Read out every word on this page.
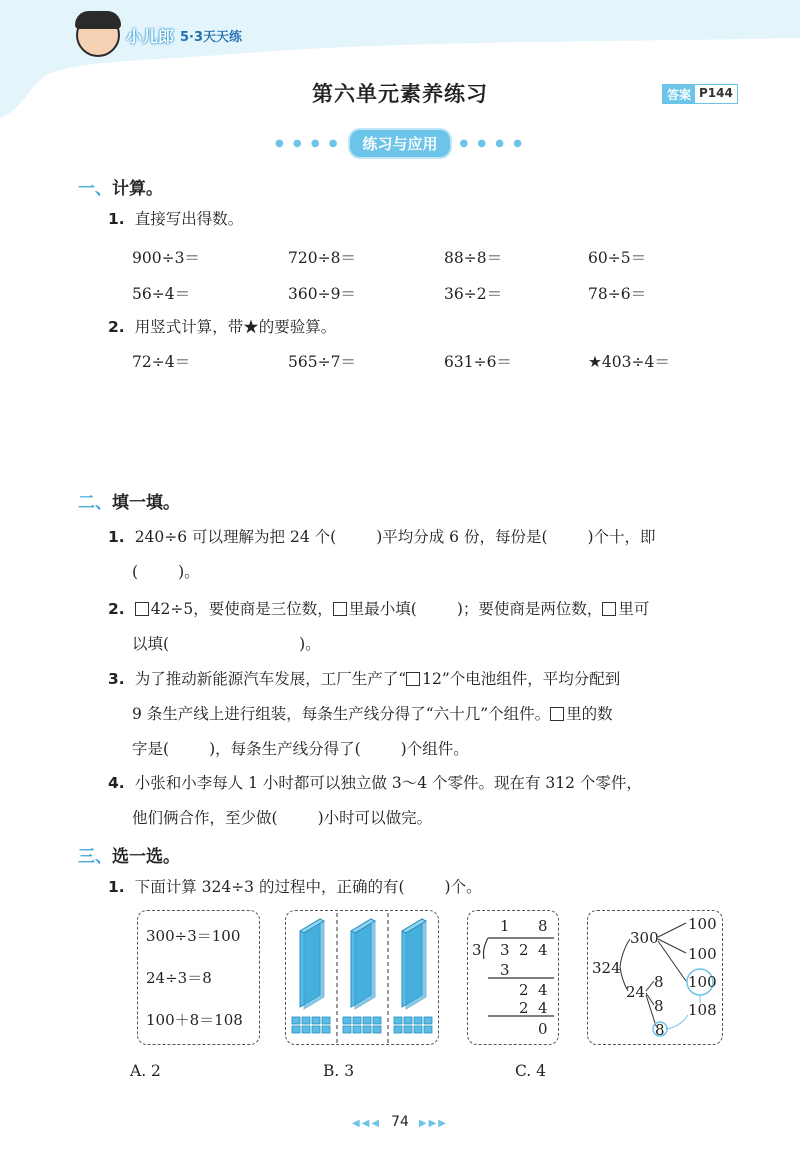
小儿郎 5·3天天练
第六单元素养练习	答案 P144
● ● ● ●	练习与应用	● ● ● ●
一、计算。
1. 直接写出得数。
900÷3＝	720÷8＝	88÷8＝	60÷5＝
56÷4＝	360÷9＝	36÷2＝	78÷6＝
2. 用竖式计算，带★的要验算。
72÷4＝	565÷7＝	631÷6＝	★403÷4＝
二、填一填。
1. 240÷6 可以理解为把 24 个(	)平均分成 6 份，每份是(	)个十，即
(	)。
2. 42÷5，要使商是三位数， 里最小填(	)；要使商是两位数， 里可
以填(	)。
3. 为了推动新能源汽车发展，工厂生产了“ 12”个电池组件，平均分配到
9 条生产线上进行组装，每条生产线分得了“六十几”个组件。 里的数
字是(	)，每条生产线分得了(	)个组件。
4. 小张和小李每人 1 小时都可以独立做 3～4 个零件。现在有 312 个零件，
他们俩合作，至少做(	)小时可以做完。
三、选一选。
1. 下面计算 324÷3 的过程中，正确的有(	)个。
300÷3＝100
24÷3＝8
100＋8＝108
1 8
3 3 2 4
3
2 4
2 4
0
324
300
24
100
100
100
8
8
8
108
A. 2	B. 3	C. 4
◀◀◀ 74 ▶▶▶
